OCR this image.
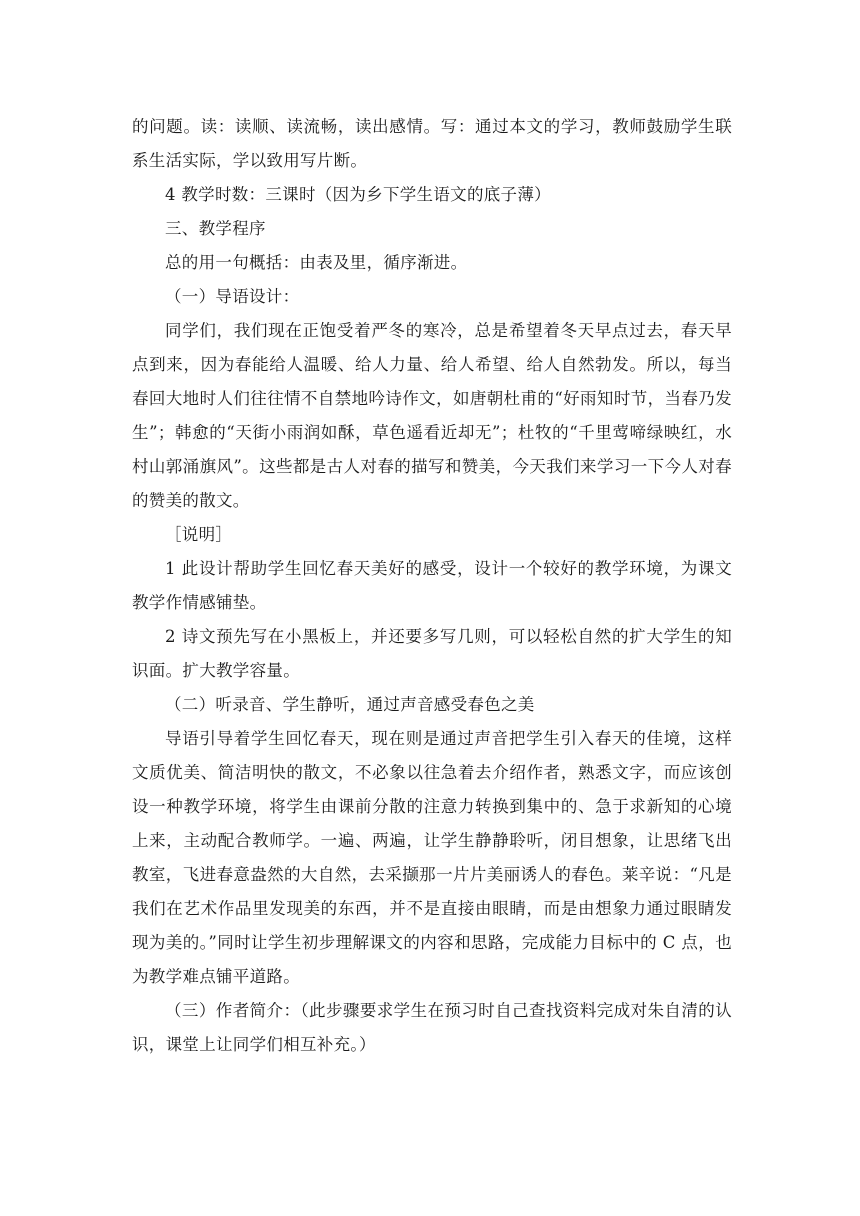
的问题。读：读顺、读流畅，读出感情。写：通过本文的学习，教师鼓励学生联系生活实际，学以致用写片断。

4 教学时数：三课时（因为乡下学生语文的底子薄）

三、教学程序

总的用一句概括：由表及里，循序渐进。

（一）导语设计：

同学们，我们现在正饱受着严冬的寒冷，总是希望着冬天早点过去，春天早点到来，因为春能给人温暖、给人力量、给人希望、给人自然勃发。所以，每当春回大地时人们往往情不自禁地吟诗作文，如唐朝杜甫的“好雨知时节，当春乃发生”；韩愈的“天街小雨润如酥，草色遥看近却无”；杜牧的“千里莺啼绿映红，水村山郭涌旗风”。这些都是古人对春的描写和赞美，今天我们来学习一下今人对春的赞美的散文。

［说明］

1 此设计帮助学生回忆春天美好的感受，设计一个较好的教学环境，为课文教学作情感铺垫。

2 诗文预先写在小黑板上，并还要多写几则，可以轻松自然的扩大学生的知识面。扩大教学容量。

（二）听录音、学生静听，通过声音感受春色之美

导语引导着学生回忆春天，现在则是通过声音把学生引入春天的佳境，这样文质优美、简洁明快的散文，不必象以往急着去介绍作者，熟悉文字，而应该创设一种教学环境，将学生由课前分散的注意力转换到集中的、急于求新知的心境上来，主动配合教师学。一遍、两遍，让学生静静聆听，闭目想象，让思绪飞出教室，飞进春意盎然的大自然，去采撷那一片片美丽诱人的春色。莱辛说：“凡是我们在艺术作品里发现美的东西，并不是直接由眼睛，而是由想象力通过眼睛发现为美的。”同时让学生初步理解课文的内容和思路，完成能力目标中的 C 点，也为教学难点铺平道路。

（三）作者简介：（此步骤要求学生在预习时自己查找资料完成对朱自清的认识，课堂上让同学们相互补充。）
